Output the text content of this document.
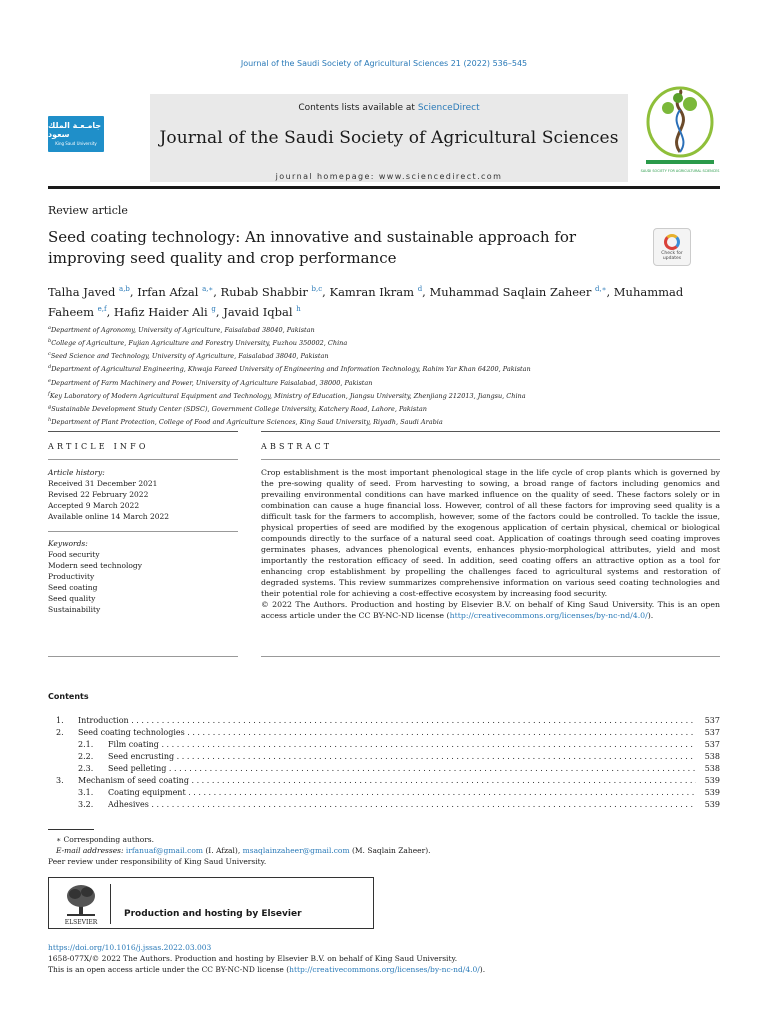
Journal of the Saudi Society of Agricultural Sciences 21 (2022) 536–545
جامـعـة الملك سعود
King Saud University
Contents lists available at ScienceDirect
Journal of the Saudi Society of Agricultural Sciences
journal homepage: www.sciencedirect.com
SAUDI SOCIETY FOR AGRICULTURAL SCIENCES
Review article
Seed coating technology: An innovative and sustainable approach for improving seed quality and crop performance	Check for updates
Talha Javed $^{a,b}$, Irfan Afzal $^{a,∗}$, Rubab Shabbir $^{b,c}$, Kamran Ikram $^d$, Muhammad Saqlain Zaheer $^{d,∗}$, Muhammad Faheem $^{e,f}$, Hafiz Haider Ali $^g$, Javaid Iqbal $^h$
$^a$Department of Agronomy, University of Agriculture, Faisalabad 38040, Pakistan
$^b$College of Agriculture, Fujian Agriculture and Forestry University, Fuzhou 350002, China
$^c$Seed Science and Technology, University of Agriculture, Faisalabad 38040, Pakistan
$^d$Department of Agricultural Engineering, Khwaja Fareed University of Engineering and Information Technology, Rahim Yar Khan 64200, Pakistan
$^e$Department of Farm Machinery and Power, University of Agriculture Faisalabad, 38000, Pakistan
$^f$Key Laboratory of Modern Agricultural Equipment and Technology, Ministry of Education, Jiangsu University, Zhenjiang 212013, Jiangsu, China
$^g$Sustainable Development Study Center (SDSC), Government College University, Katchery Road, Lahore, Pakistan
$^h$Department of Plant Protection, College of Food and Agriculture Sciences, King Saud University, Riyadh, Saudi Arabia
ARTICLE INFO	ABSTRACT
Article history:
Received 31 December 2021
Revised 22 February 2022
Accepted 9 March 2022
Available online 14 March 2022
Keywords:
Food security
Modern seed technology
Productivity
Seed coating
Seed quality
Sustainability
Crop establishment is the most important phenological stage in the life cycle of crop plants which is governed by the pre-sowing quality of seed. From harvesting to sowing, a broad range of factors including genomics and prevailing environmental conditions can have marked influence on the quality of seed. These factors solely or in combination can cause a huge financial loss. However, control of all these factors for improving seed quality is a difficult task for the farmers to accomplish, however, some of the factors could be controlled. To tackle the issue, physical properties of seed are modified by the exogenous application of certain physical, chemical or biological compounds directly to the surface of a natural seed coat. Application of coatings through seed coating improves germinates phases, advances phenological events, enhances physio-morphological attributes, yield and most importantly the restoration efficacy of seed. In addition, seed coating offers an attractive option as a tool for enhancing crop establishment by propelling the challenges faced to agricultural systems and restoration of degraded systems. This review summarizes comprehensive information on various seed coating technologies and their potential role for achieving a cost-effective ecosystem by increasing food security.
© 2022 The Authors. Production and hosting by Elsevier B.V. on behalf of King Saud University. This is an open access article under the CC BY-NC-ND license (http://creativecommons.org/licenses/by-nc-nd/4.0/).
Contents
1. Introduction . . .	537
2. Seed coating technologies . . .	537
2.1. Film coating . . .	537
2.2. Seed encrusting . . .	538
2.3. Seed pelleting . . .	538
3. Mechanism of seed coating . . .	539
3.1. Coating equipment . . .	539
3.2. Adhesives . . .	539
∗ Corresponding authors.
E-mail addresses: irfanuaf@gmail.com (I. Afzal), msaqlainzaheer@gmail.com (M. Saqlain Zaheer).
Peer review under responsibility of King Saud University.
ELSEVIER
Production and hosting by Elsevier
https://doi.org/10.1016/j.jssas.2022.03.003
1658-077X/© 2022 The Authors. Production and hosting by Elsevier B.V. on behalf of King Saud University.
This is an open access article under the CC BY-NC-ND license (http://creativecommons.org/licenses/by-nc-nd/4.0/).
